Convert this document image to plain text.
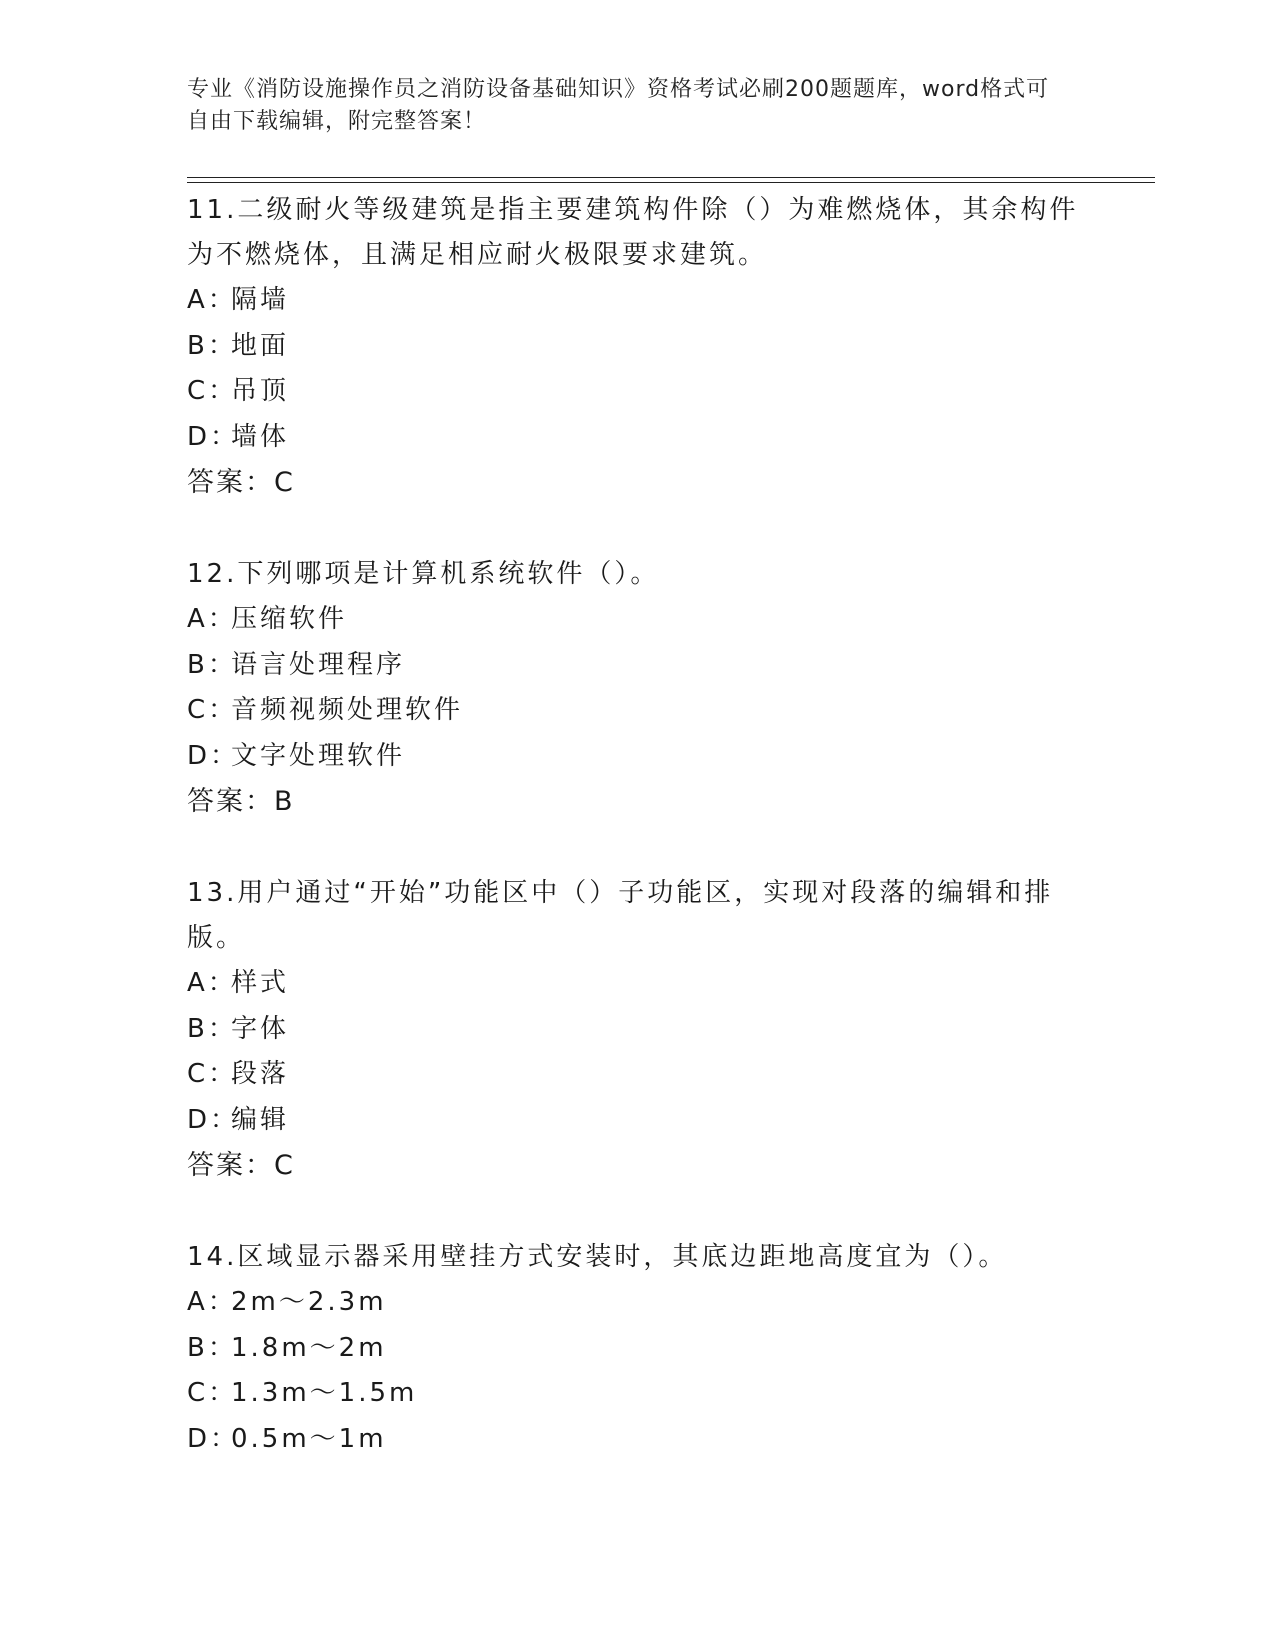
专业《消防设施操作员之消防设备基础知识》资格考试必刷200题题库，word格式可自由下载编辑，附完整答案！

11.二级耐火等级建筑是指主要建筑构件除（）为难燃烧体，其余构件为不燃烧体，且满足相应耐火极限要求建筑。

A：隔墙
B：地面
C：吊顶
D：墙体
答案：C

12.下列哪项是计算机系统软件（）。

A：压缩软件
B：语言处理程序
C：音频视频处理软件
D：文字处理软件
答案：B

13.用户通过“开始”功能区中（）子功能区，实现对段落的编辑和排版。

A：样式
B：字体
C：段落
D：编辑
答案：C

14.区域显示器采用壁挂方式安装时，其底边距地高度宜为（）。

A：2m～2.3m
B：1.8m～2m
C：1.3m～1.5m
D：0.5m～1m
